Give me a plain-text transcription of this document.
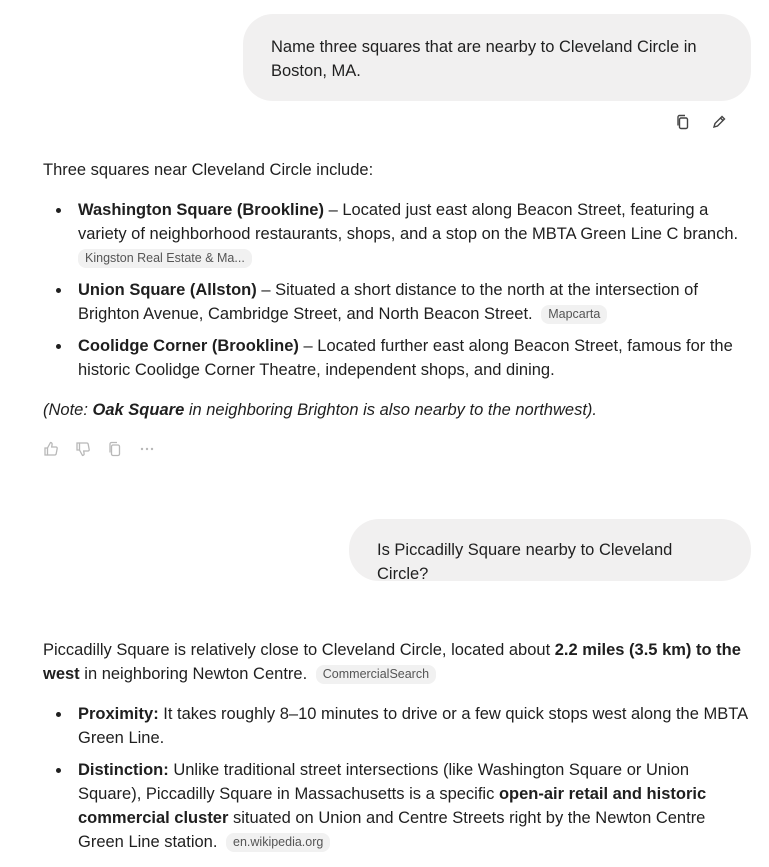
Name three squares that are nearby to Cleveland Circle in Boston, MA.

Three squares near Cleveland Circle include:

Washington Square (Brookline) – Located just east along Beacon Street, featuring a variety of neighborhood restaurants, shops, and a stop on the MBTA Green Line C branch.
Kingston Real Estate & Ma...
Union Square (Allston) – Situated a short distance to the north at the intersection of Brighton Avenue, Cambridge Street, and North Beacon Street. Mapcarta
Coolidge Corner (Brookline) – Located further east along Beacon Street, famous for the historic Coolidge Corner Theatre, independent shops, and dining.

(Note: Oak Square in neighboring Brighton is also nearby to the northwest).

Is Piccadilly Square nearby to Cleveland Circle?

Piccadilly Square is relatively close to Cleveland Circle, located about 2.2 miles (3.5 km) to the west in neighboring Newton Centre. CommercialSearch

Proximity: It takes roughly 8–10 minutes to drive or a few quick stops west along the MBTA Green Line.
Distinction: Unlike traditional street intersections (like Washington Square or Union Square), Piccadilly Square in Massachusetts is a specific open-air retail and historic commercial cluster situated on Union and Centre Streets right by the Newton Centre Green Line station. en.wikipedia.org
